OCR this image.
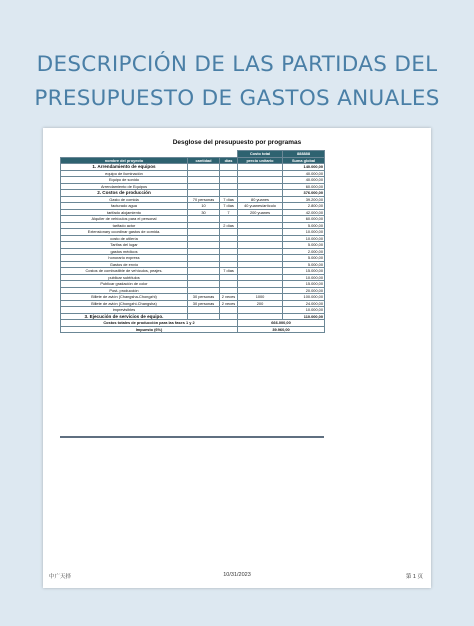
DESCRIPCIÓN DE LAS PARTIDAS DEL
PRESUPUESTO DE GASTOS ANUALES
Desglose del presupuesto por programas
			Costo total	888888
nombre del proyecto	cantidad	días	precio unitario	Suma global
1. Arrendamiento de equipos				140.000,00
equipo de iluminación				40.000,00
Equipo de sonido				40.000,00
Arrendamiento de Equipos				60.000,00
2. Costos de producción				376.000,00
Gasto de comida	70 personas	7 días	80 yuanes	39.200,00
facturado agua	10	7 días	40 yuanes/artículo	2.800,00
tarifado alojamiento	30	7	200 yuanes	42.000,00
Alquiler de vehículos para el personal				60.000,00
tarifado actor		2 días		5.000,00
Extensionary coordinar gastos de comida.				10.000,00
costo de utilería				10.000,00
Tarifas del lugar				5.000,00
gastos médicos				2.000,00
honorario express				5.000,00
Gastos de envío				5.000,00
Costos de combustible de vehículos, peajes.		7 días		15.000,00
publicar subtítulos				10.000,00
Publicar gradación de color				15.000,00
Post- producción				20.000,00
Billete de avión (Changsha-Chongzhi)	30 personas	2 veces	1000	100.000,00
Billete de avión (Chongzhi-Changsha)	30 personas	2 veces	200	24.000,00
imprevisibles				10.000,00
3. Ejecución de servicios de equipo.				110.000,00
Costos totales de producción para las fases 1 y 2			666.000,00	
Impuesto (6%)			39.960,00	
中广天择	10/31/2023	第 1 页
